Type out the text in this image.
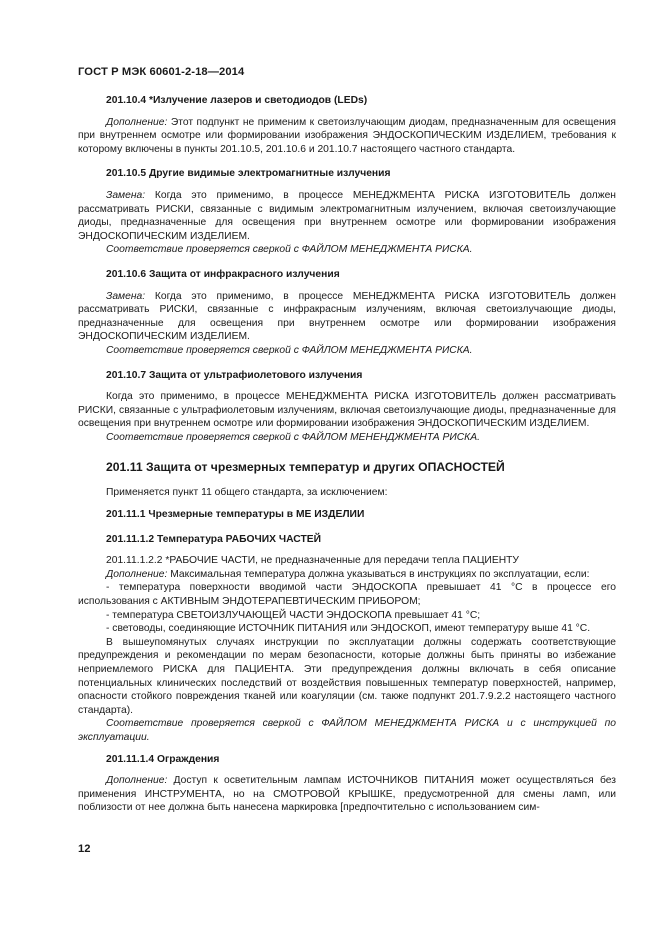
ГОСТ Р МЭК 60601-2-18—2014
201.10.4 *Излучение лазеров и светодиодов (LEDs)

Дополнение: Этот подпункт не применим к светоизлучающим диодам, предназначенным для освещения при внутреннем осмотре или формировании изображения ЭНДОСКОПИЧЕСКИМ ИЗДЕЛИЕМ, требования к которому включены в пункты 201.10.5, 201.10.6 и 201.10.7 настоящего частного стандарта.

201.10.5 Другие видимые электромагнитные излучения

Замена: Когда это применимо, в процессе МЕНЕДЖМЕНТА РИСКА ИЗГОТОВИТЕЛЬ должен рассматривать РИСКИ, связанные с видимым электромагнитным излучением, включая светоизлучающие диоды, предназначенные для освещения при внутреннем осмотре или формировании изображения ЭНДОСКОПИЧЕСКИМ ИЗДЕЛИЕМ.

Соответствие проверяется сверкой с ФАЙЛОМ МЕНЕДЖМЕНТА РИСКА.

201.10.6 Защита от инфракрасного излучения

Замена: Когда это применимо, в процессе МЕНЕДЖМЕНТА РИСКА ИЗГОТОВИТЕЛЬ должен рассматривать РИСКИ, связанные с инфракрасным излучениям, включая светоизлучающие диоды, предназначенные для освещения при внутреннем осмотре или формировании изображения ЭНДОСКОПИЧЕСКИМ ИЗДЕЛИЕМ.

Соответствие проверяется сверкой с ФАЙЛОМ МЕНЕДЖМЕНТА РИСКА.

201.10.7 Защита от ультрафиолетового излучения

Когда это применимо, в процессе МЕНЕДЖМЕНТА РИСКА ИЗГОТОВИТЕЛЬ должен рассматривать РИСКИ, связанные с ультрафиолетовым излучениям, включая светоизлучающие диоды, предназначенные для освещения при внутреннем осмотре или формировании изображения ЭНДОСКОПИЧЕСКИМ ИЗДЕЛИЕМ.

Соответствие проверяется сверкой с ФАЙЛОМ МЕНЕНДЖМЕНТА РИСКА.

201.11 Защита от чрезмерных температур и других ОПАСНОСТЕЙ

Применяется пункт 11 общего стандарта, за исключением:

201.11.1 Чрезмерные температуры в МЕ ИЗДЕЛИИ
201.11.1.2 Температура РАБОЧИХ ЧАСТЕЙ

201.11.1.2.2 *РАБОЧИЕ ЧАСТИ, не предназначенные для передачи тепла ПАЦИЕНТУ

Дополнение: Максимальная температура должна указываться в инструкциях по эксплуатации, если:

- температура поверхности вводимой части ЭНДОСКОПА превышает 41 °С в процессе его использования с АКТИВНЫМ ЭНДОТЕРАПЕВТИЧЕСКИМ ПРИБОРОМ;

- температура СВЕТОИЗЛУЧАЮЩЕЙ ЧАСТИ ЭНДОСКОПА превышает 41 °С;

- световоды, соединяющие ИСТОЧНИК ПИТАНИЯ или ЭНДОСКОП, имеют температуру выше 41 °С.

В вышеупомянутых случаях инструкции по эксплуатации должны содержать соответствующие предупреждения и рекомендации по мерам безопасности, которые должны быть приняты во избежание неприемлемого РИСКА для ПАЦИЕНТА. Эти предупреждения должны включать в себя описание потенциальных клинических последствий от воздействия повышенных температур поверхностей, например, опасности стойкого повреждения тканей или коагуляции (см. также подпункт 201.7.9.2.2 настоящего частного стандарта).

Соответствие проверяется сверкой с ФАЙЛОМ МЕНЕДЖМЕНТА РИСКА и с инструкцией по эксплуатации.

201.11.1.4 Ограждения

Дополнение: Доступ к осветительным лампам ИСТОЧНИКОВ ПИТАНИЯ может осуществляться без применения ИНСТРУМЕНТА, но на СМОТРОВОЙ КРЫШКЕ, предусмотренной для смены ламп, или поблизости от нее должна быть нанесена маркировка [предпочтительно с использованием сим-

12
